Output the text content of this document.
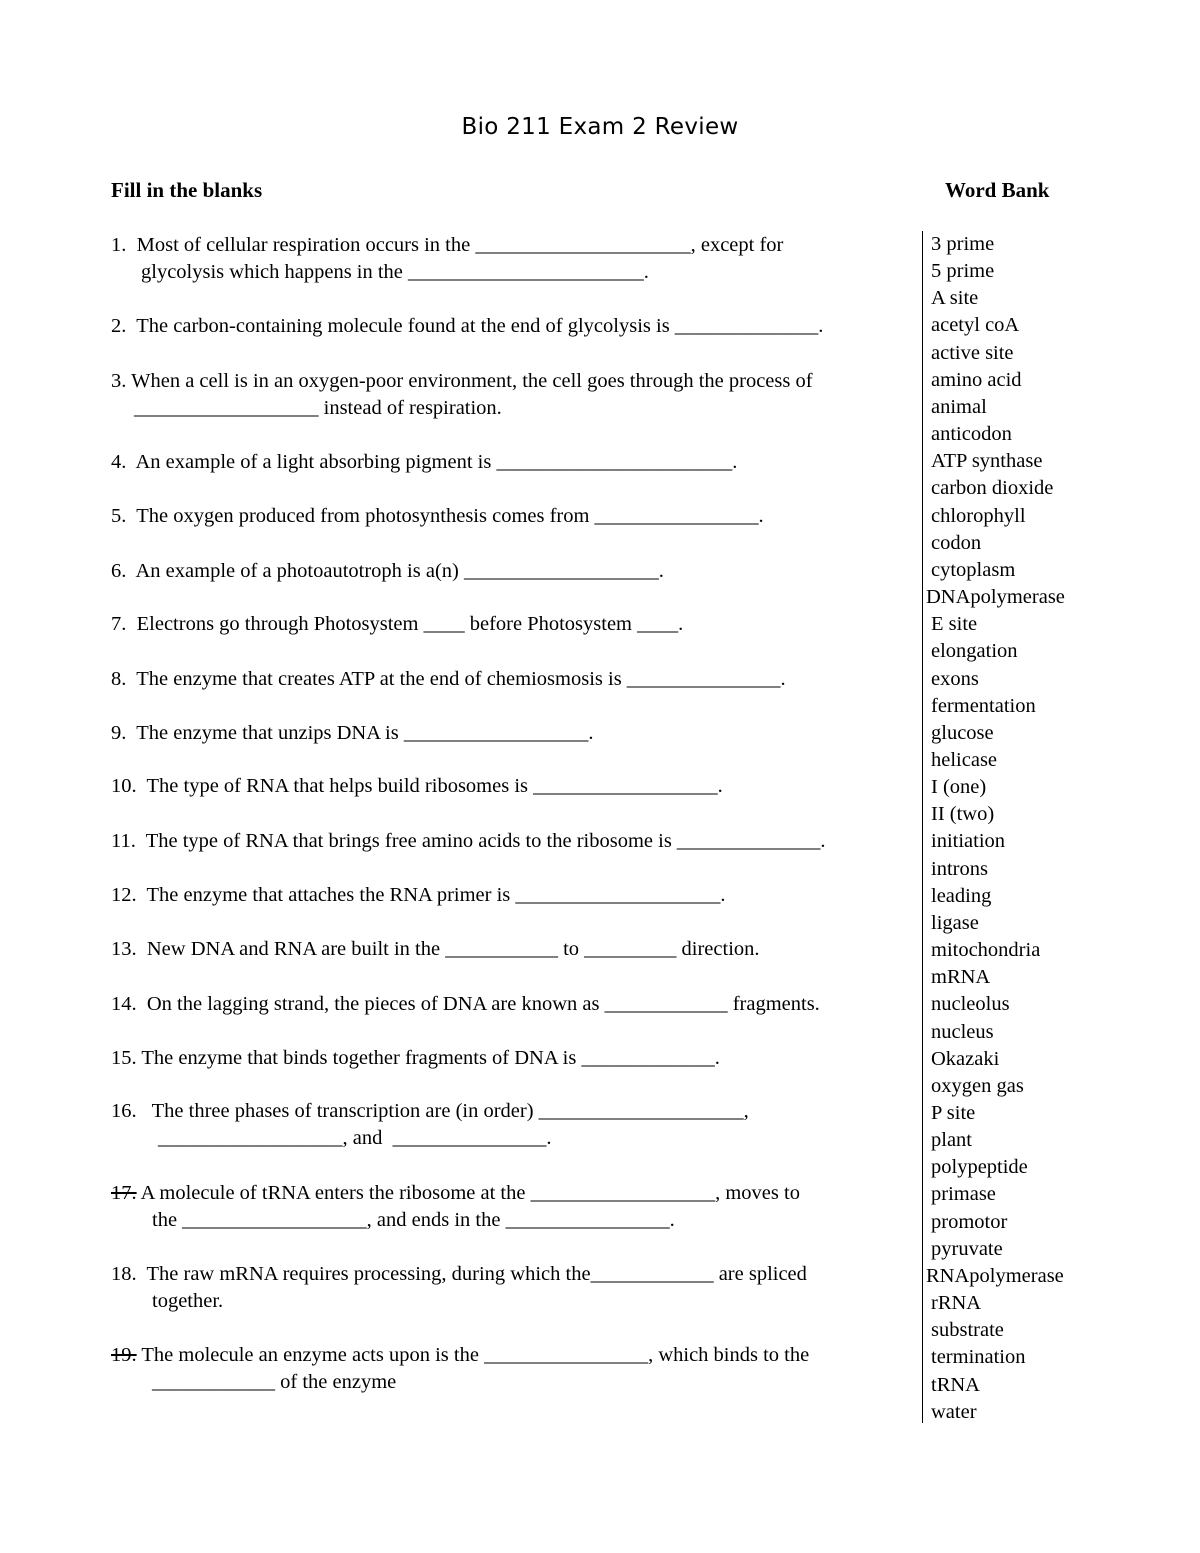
Bio 211 Exam 2 Review
Fill in the blanks	Word Bank
1.  Most of cellular respiration occurs in the _____________________, except for
glycolysis which happens in the _______________________.
2.  The carbon-containing molecule found at the end of glycolysis is ______________.
3. When a cell is in an oxygen-poor environment, the cell goes through the process of
__________________ instead of respiration.
4.  An example of a light absorbing pigment is _______________________.
5.  The oxygen produced from photosynthesis comes from ________________.
6.  An example of a photoautotroph is a(n) ___________________.
7.  Electrons go through Photosystem ____ before Photosystem ____.
8.  The enzyme that creates ATP at the end of chemiosmosis is _______________.
9.  The enzyme that unzips DNA is __________________.
10.  The type of RNA that helps build ribosomes is __________________.
11.  The type of RNA that brings free amino acids to the ribosome is ______________.
12.  The enzyme that attaches the RNA primer is ____________________.
13.  New DNA and RNA are built in the ___________ to _________ direction.
14.  On the lagging strand, the pieces of DNA are known as ____________ fragments.
15. The enzyme that binds together fragments of DNA is _____________.
16.   The three phases of transcription are (in order) ____________________,
__________________, and  _______________.
17. A molecule of tRNA enters the ribosome at the __________________, moves to
the __________________, and ends in the ________________.
18.  The raw mRNA requires processing, during which the____________ are spliced
together.
19. The molecule an enzyme acts upon is the ________________, which binds to the
____________ of the enzyme
3 prime
5 prime
A site
acetyl coA
active site
amino acid
animal
anticodon
ATP synthase
carbon dioxide
chlorophyll
codon
cytoplasm
DNApolymerase
E site
elongation
exons
fermentation
glucose
helicase
I (one)
II (two)
initiation
introns
leading
ligase
mitochondria
mRNA
nucleolus
nucleus
Okazaki
oxygen gas
P site
plant
polypeptide
primase
promotor
pyruvate
RNApolymerase
rRNA
substrate
termination
tRNA
water
